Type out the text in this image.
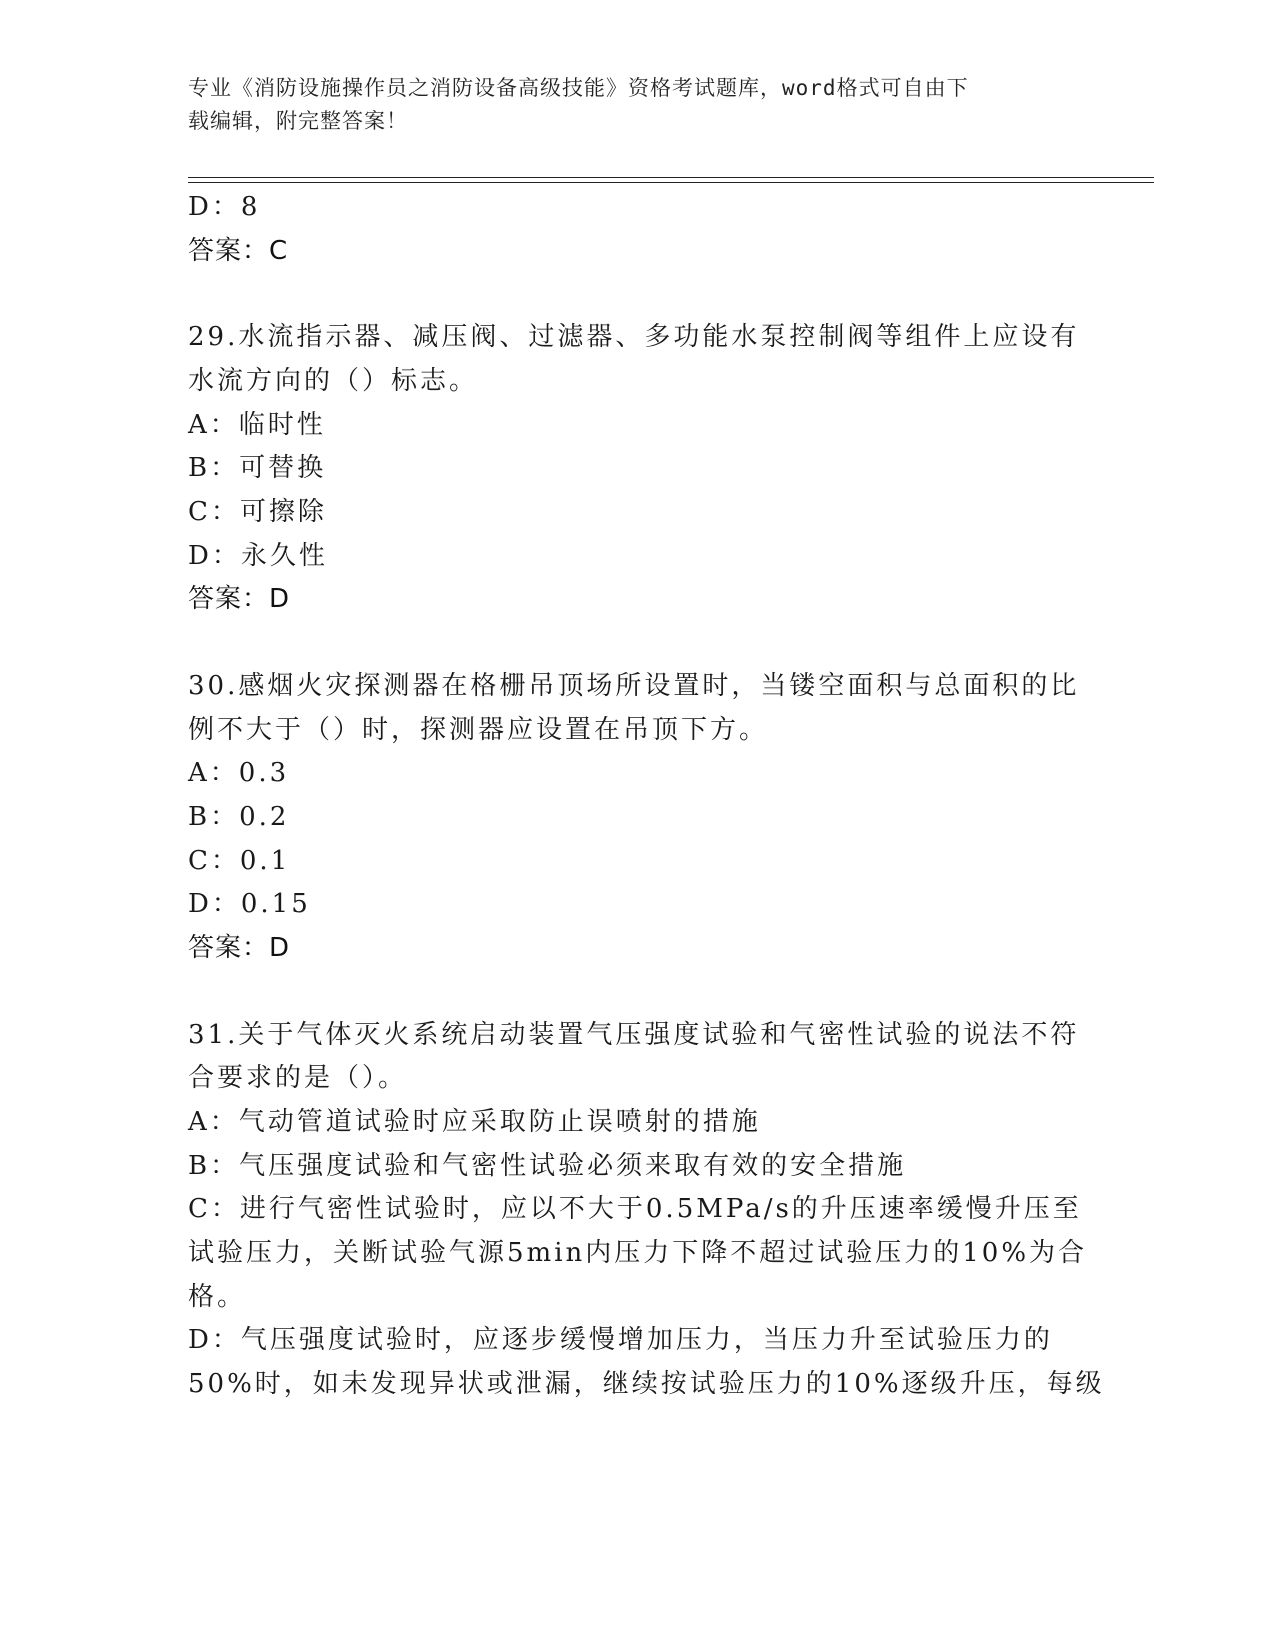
专业《消防设施操作员之消防设备高级技能》资格考试题库，word格式可自由下
载编辑，附完整答案！
D：8
答案：C
29.水流指示器、减压阀、过滤器、多功能水泵控制阀等组件上应设有
水流方向的（）标志。
A：临时性
B：可替换
C：可擦除
D：永久性
答案：D
30.感烟火灾探测器在格栅吊顶场所设置时，当镂空面积与总面积的比
例不大于（）时，探测器应设置在吊顶下方。
A：0.3
B：0.2
C：0.1
D：0.15
答案：D
31.关于气体灭火系统启动装置气压强度试验和气密性试验的说法不符
合要求的是（）。
A：气动管道试验时应采取防止误喷射的措施
B：气压强度试验和气密性试验必须来取有效的安全措施
C：进行气密性试验时，应以不大于0.5MPa/s的升压速率缓慢升压至
试验压力，关断试验气源5min内压力下降不超过试验压力的10%为合
格。
D：气压强度试验时，应逐步缓慢增加压力，当压力升至试验压力的
50%时，如未发现异状或泄漏，继续按试验压力的10%逐级升压，每级
